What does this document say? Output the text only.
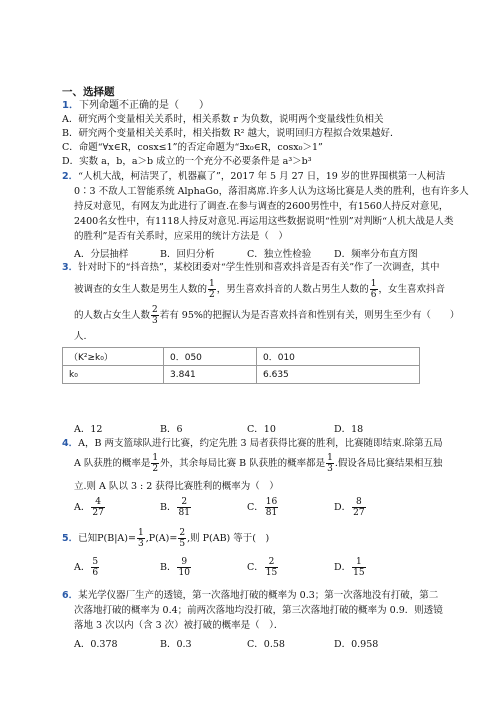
一、选择题
1．下列命题不正确的是（　　）
A．研究两个变量相关关系时，相关系数 r 为负数，说明两个变量线性负相关
B．研究两个变量相关关系时，相关指数 R² 越大，说明回归方程拟合效果越好．
C．命题“∀x∈R，cosx≤1”的否定命题为“∃x₀∈R，cosx₀＞1”
D．实数 a，b，a＞b 成立的一个充分不必要条件是 a³＞b³
2．“人机大战，柯洁哭了，机器赢了”，2017 年 5 月 27 日，19 岁的世界围棋第一人柯洁
0∶3 不敌人工智能系统 AlphaGo，落泪离席.许多人认为这场比赛是人类的胜利，也有许多人
持反对意见，有网友为此进行了调查.在参与调查的2600男性中，有1560人持反对意见，
2400名女性中，有1118人持反对意见.再运用这些数据说明“性别”对判断“人机大战是人类
的胜利”是否有关系时，应采用的统计方法是（　）
A．分层抽样	B．回归分析	C．独立性检验 D．频率分布直方图
3．针对时下的“抖音热”，某校团委对“学生性别和喜欢抖音是否有关”作了一次调查，其中
被调查的女生人数是男生人数的 $\frac{1}{2}$ ，男生喜欢抖音的人数占男生人数的 $\frac{1}{6}$ ，女生喜欢抖音
的人数占女生人数 $\frac{2}{3}$ 若有 95%的把握认为是否喜欢抖音和性别有关，则男生至少有（　　）
人.
（K²≥k₀）	0．050	0．010
k₀	3.841	6.635
A．12	B．6	C．10	D．18
4．A，B 两支篮球队进行比赛，约定先胜 3 局者获得比赛的胜利，比赛随即结束.除第五局
A 队获胜的概率是 $\frac{1}{2}$ 外，其余每局比赛 B 队获胜的概率都是 $\frac{1}{3}$ .假设各局比赛结果相互独
立.则 A 队以 3 : 2 获得比赛胜利的概率为（　）
A． $\frac{4}{27}$	B． $\frac{2}{81}$	C． $\frac{16}{81}$	D． $\frac{8}{27}$
5．已知$P(B|A)= \frac{1}{3} ,P(A)= \frac{2}{5}$ ,则 P(AB) 等于(　)
A． $\frac{5}{6}$	B． $\frac{9}{10}$	C． $\frac{2}{15}$	D． $\frac{1}{15}$
6．某光学仪器厂生产的透镜，第一次落地打破的概率为 0.3；第一次落地没有打破，第二
次落地打破的概率为 0.4；前两次落地均没打破，第三次落地打破的概率为 0.9．则透镜
落地 3 次以内（含 3 次）被打破的概率是（　）．
A．0.378	B．0.3	C．0.58	D．0.958
